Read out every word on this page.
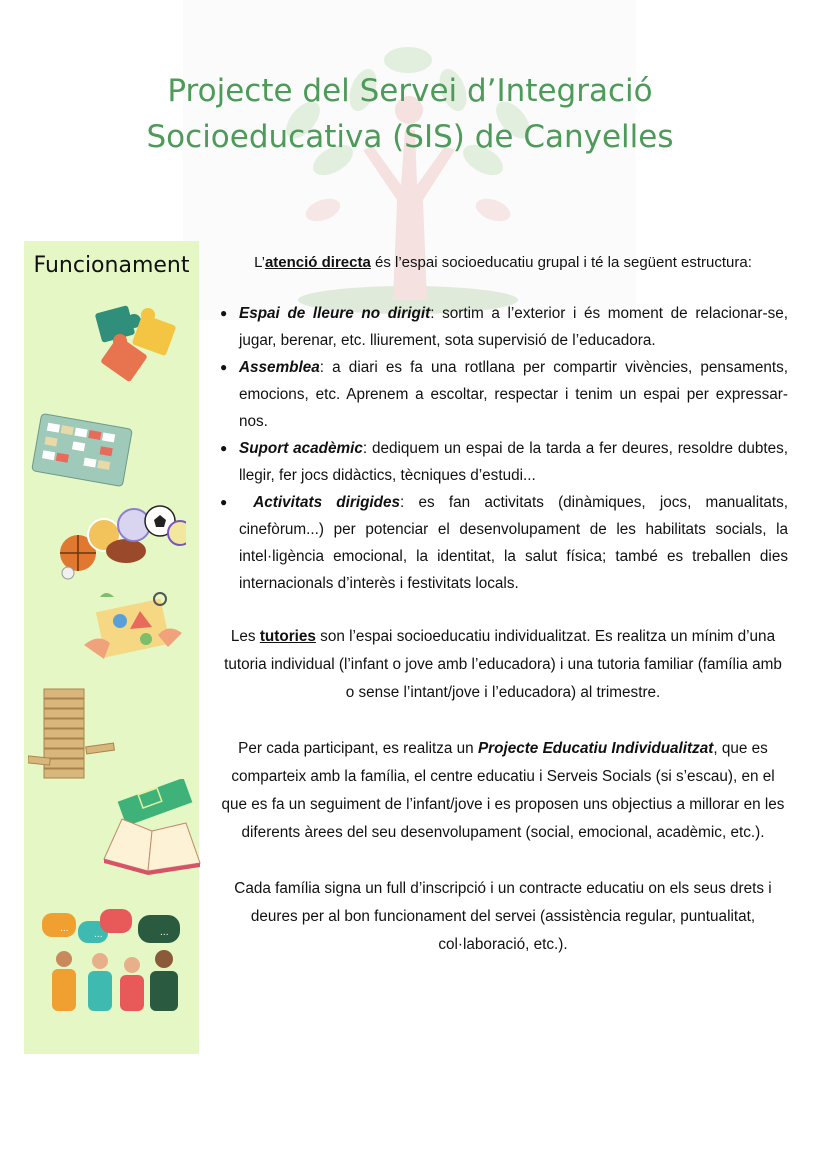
Projecte del Servei d’Integració
Socioeducativa (SIS) de Canyelles
Funcionament
...
...	...

L’atenció directa és l’espai socioeducatiu grupal i té la següent estructura:

● Espai de lleure no dirigit: sortim a l’exterior i és moment de relacionar-se, jugar, berenar, etc. lliurement, sota supervisió de l’educadora.
● Assemblea: a diari es fa una rotllana per compartir vivències, pensaments, emocions, etc. Aprenem a escoltar, respectar i tenim un espai per expressar-nos.
● Suport acadèmic: dediquem un espai de la tarda a fer deures, resoldre dubtes, llegir, fer jocs didàctics, tècniques d’estudi...
● Activitats dirigides: es fan activitats (dinàmiques, jocs, manualitats, cinefòrum...) per potenciar el desenvolupament de les habilitats socials, la intel·ligència emocional, la identitat, la salut física; també es treballen dies internacionals d’interès i festivitats locals.

Les tutories son l’espai socioeducatiu individualitzat. Es realitza un mínim d’una tutoria individual (l’infant o jove amb l’educadora) i una tutoria familiar (família amb o sense l’intant/jove i l’educadora) al trimestre.

Per cada participant, es realitza un Projecte Educatiu Individualitzat, que es comparteix amb la família, el centre educatiu i Serveis Socials (si s’escau), en el que es fa un seguiment de l’infant/jove i es proposen uns objectius a millorar en les diferents àrees del seu desenvolupament (social, emocional, acadèmic, etc.).

Cada família signa un full d’inscripció i un contracte educatiu on els seus drets i deures per al bon funcionament del servei (assistència regular, puntualitat, col·laboració, etc.).
